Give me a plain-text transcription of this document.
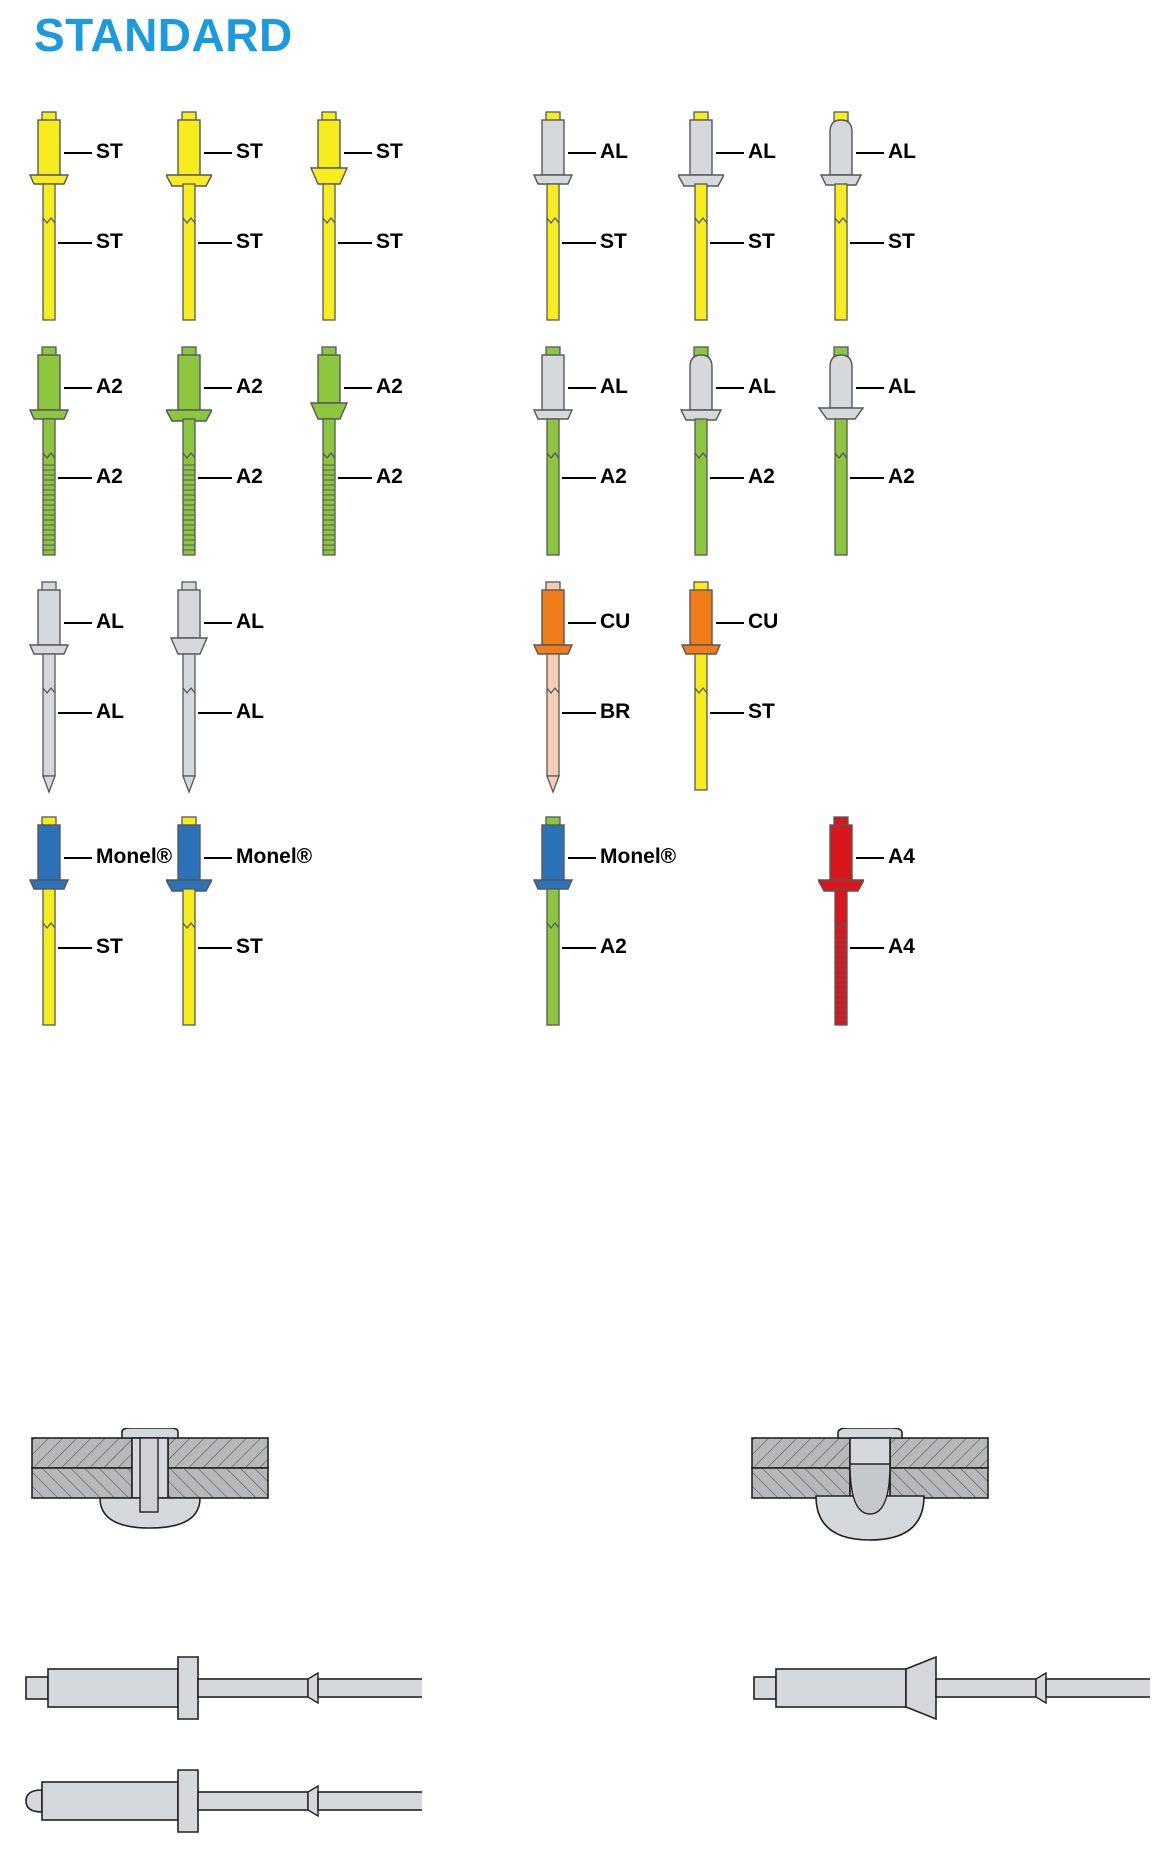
STANDARD
ST
ST
ST
ST
ST
ST
AL
ST
AL
ST
AL
ST
A2
A2
A2
A2
A2
A2
AL
A2
AL
A2
AL
A2
AL
AL
AL
AL
CU
BR
CU
ST
Monel®
ST
Monel®
ST
Monel®
A2
A4
A4
